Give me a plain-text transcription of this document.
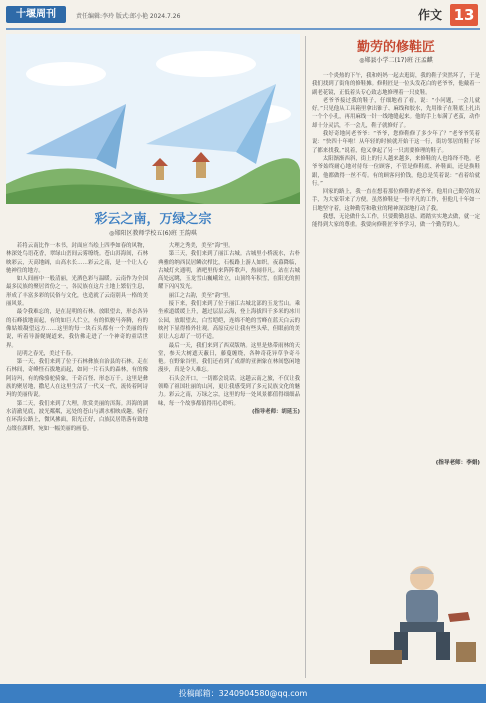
十堰周刊	责任编辑:李玲 版式:郎小艳 2024.7.26	作文 13
彩云之南，万绿之宗
◎郧阳区教师学校五(6)班 王韵琪

若将云南比作一本书，封面应当绘上四季如春的风物，林深处鸟语花香，翠绿山峦间云雾缭绕。苍山洱海间，石林映彩云，天高地阔，山高水长……彩云之南，是一个让人心驰神往的地方。

如人间画中一般清丽，光洒色彩与温暖。云南作为全国最多民族的聚居省份之一，各民族在这片土地上繁衍生息，形成了丰富多彩的民俗与文化，也造就了云南别具一格的美丽风景。

最令我难忘的，是在昆明的石林。放眼望去，形态各异的石峰拔地而起，有的如巨人伫立，有的似骏马奔腾，有的像姑娘凝望远方……这里的每一块石头都有一个美丽的传说，听着导游娓娓道来，我仿佛走进了一个神奇的童话世界。

昆明之春光，美过千春。

第一天，我们来到了位于石林彝族自治县的石林。走在石林间，奇峰怪石拔地而起，如同一片石头的森林，有的像阿诗玛，有的像骆驼骑象，千奇百怪、形态万千。这里是彝族的聚居地，撒尼人在这里生活了一代又一代，流传着阿诗玛的美丽传说。

第二天，我们来到了大理，欣赏美丽的洱海。洱海的湖水清澈见底，波光粼粼，远处的苍山与湖水相映成趣。骑行在环海公路上，微风拂面，阳光正好，白族民居错落有致地点缀在湖畔，宛如一幅美丽的画卷。

大理之秀美，美至“海”里。

第三天，我们来到了丽江古城。古城里小桥流水，古朴典雅的纳西民居鳞次栉比，石板路上游人如织。夜幕降临，古城灯火通明，酒吧里传来阵阵歌声，热闹非凡。站在古城高处远眺，玉龙雪山巍峨耸立，山顶终年积雪，在阳光的照耀下闪闪发光。

丽江之古韵，美至“韵”里。

接下来，我们来到了位于丽江古城北部的玉龙雪山。乘坐索道缓缓上升，越过层层云海，登上海拔四千多米的冰川公园，放眼望去，白雪皑皑，连绵不绝的雪峰在蓝天白云的映衬下显得格外壮观。高原反应让我有些头晕，但眼前的美景让人忘却了一切不适。

最后一天，我们来到了西双版纳。这里是热带雨林的天堂，参天大树遮天蔽日，藤蔓缠绕，各种奇花异草争奇斗艳。在野象谷里，我们还看到了成群的亚洲象在林间悠闲地漫步，真是令人难忘。

石头会开口，一切都会说话。这趟云南之旅，不仅让我领略了祖国壮丽的山河，更让我感受到了多元民族文化的魅力。彩云之南，万绿之宗，这里的每一处风景都值得细细品味，每一个故事都值得用心聆听。

(指导老师：胡延玉)

勤劳的修鞋匠
◎郧县小学二(17)班 汪孟麒

一个炎热的下午，我和妈妈一起去逛街，我的鞋子突然坏了，于是我们找到了街角的修鞋摊。修鞋匠是一位头发花白的老爷爷，他戴着一副老花镜，正低着头专心致志地修理着一只皮鞋。

老爷爷接过我的鞋子，仔细地看了看，说：“小问题，一会儿就好。”只见他从工具箱里拿出锥子、麻线和胶水，先用锥子在鞋底上扎出一个个小孔，再用麻线一针一线地缝起来。他的手上布满了老茧，动作却十分灵活，不一会儿，鞋子就修好了。

我好奇地问老爷爷：“爷爷，您修鞋修了多少年了？”老爷爷笑着说：“快四十年啦！从年轻的时候就开始干这一行，街坊邻居的鞋子坏了都来找我。”说着，他又拿起了另一只需要修理的鞋子。

太阳渐渐西斜，街上的行人越来越多，来修鞋的人也络绎不绝。老爷爷始终耐心地对待每一位顾客，不管是修鞋底、补鞋面，还是换鞋跟，他都做得一丝不苟。有的顾客问价钱，他总是笑着说：“看着给就行。”

回家的路上，我一直在想着那位修鞋的老爷爷。他用自己勤劳的双手，为大家带来了方便。虽然修鞋是一份平凡的工作，但他几十年如一日地坚守着，这种勤劳和敬业的精神深深地打动了我。

我想，无论做什么工作，只要勤勤恳恳、踏踏实实地去做，就一定能得到大家的尊重。我要向修鞋匠爷爷学习，做一个勤劳的人。

(指导老师：李娟)
投稿邮箱：3240904580@qq.com
